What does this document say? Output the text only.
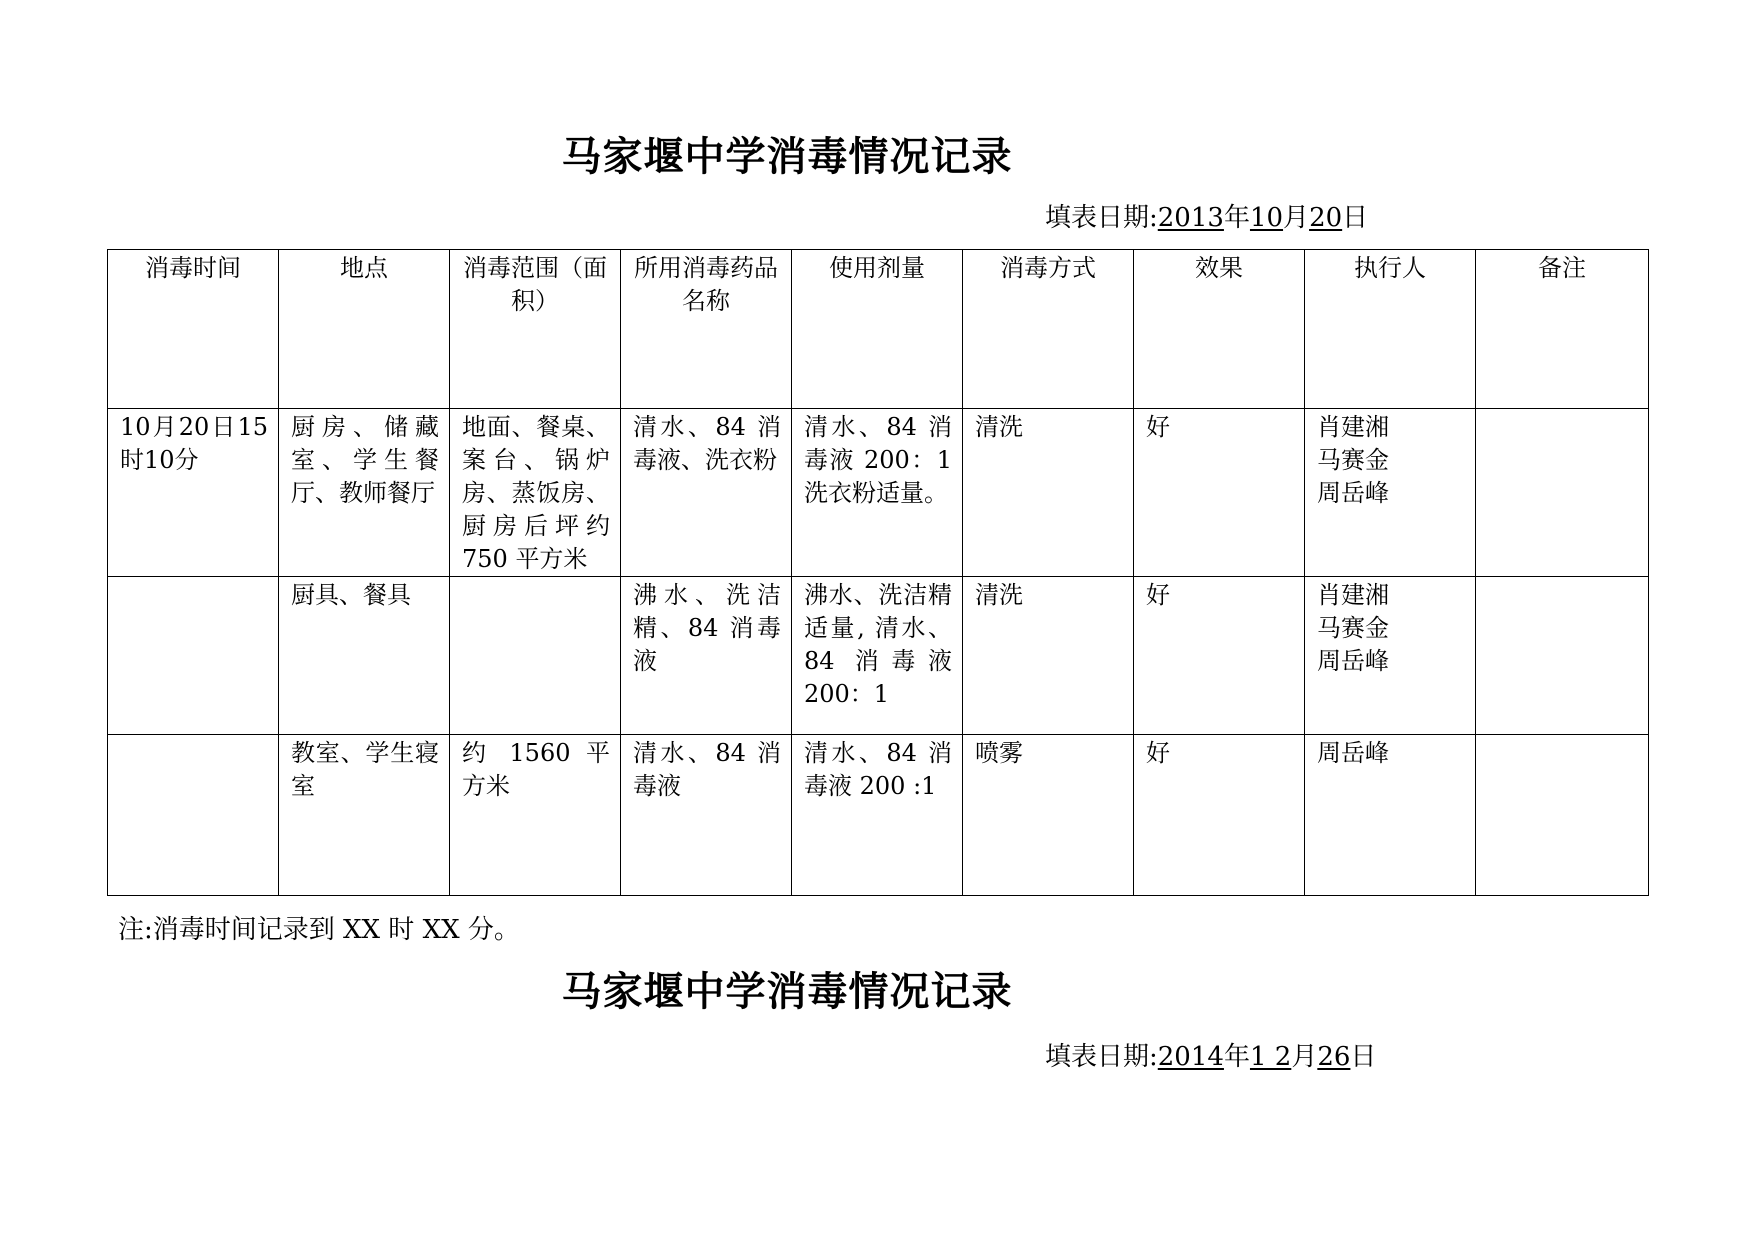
马家堰中学消毒情况记录
填表日期:2013年10月20日
消毒时间	地点	消毒范围（面积）	所用消毒药品名称	使用剂量	消毒方式	效果	执行人	备注
10月20日15时10分	厨房、储藏室、学生餐厅、教师餐厅	地面、餐桌、案台、锅炉房、蒸饭房、厨房后坪约 750 平方米	清水、84 消毒液、洗衣粉	清水、84 消毒液 200：1 洗衣粉适量。	清洗	好	肖建湘
马赛金
周岳峰	

	厨具、餐具		沸水、洗洁精、84 消毒液	沸水、洗洁精适量, 清水、84 消毒液 200：1	清洗	好	肖建湘
马赛金
周岳峰	

	教室、学生寝室	约 1560 平方米	清水、84 消毒液	清水、84 消毒液 200 :1	喷雾	好	周岳峰	

注:消毒时间记录到 XX 时 XX 分。
马家堰中学消毒情况记录
填表日期:2014年1 2月26日
